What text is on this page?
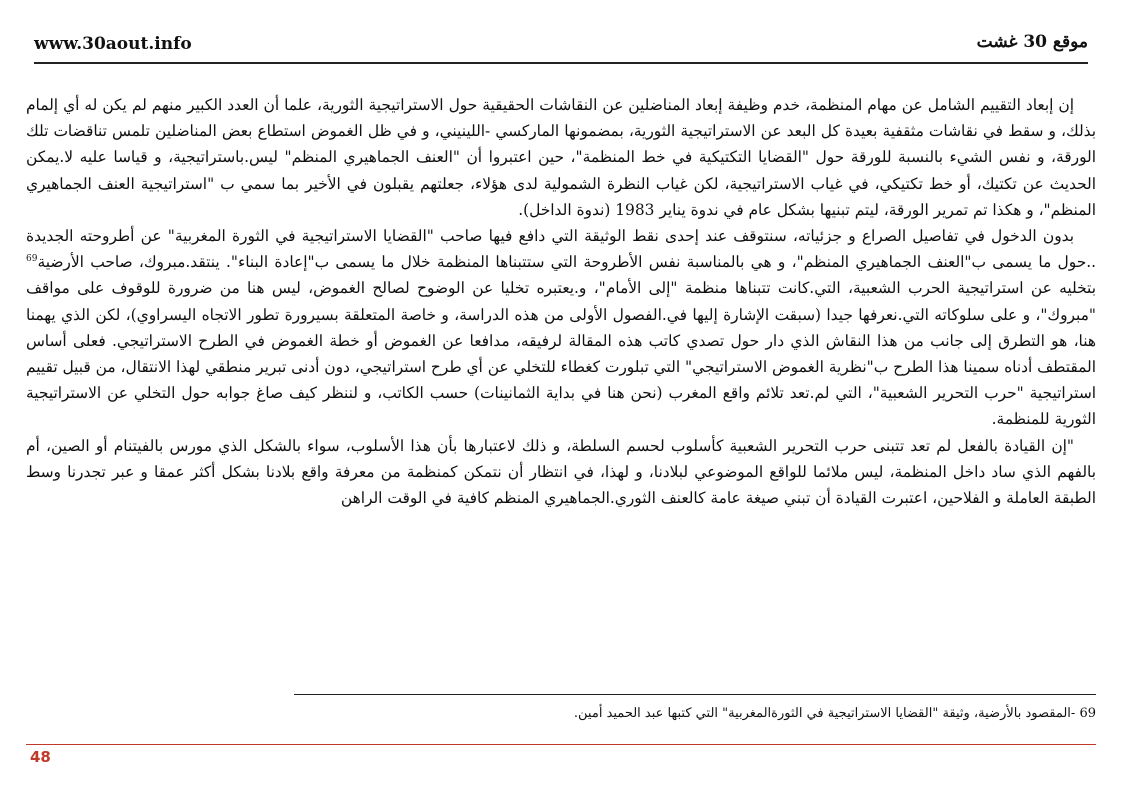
www.30aout.info	موقع 30 غشت

إن إبعاد التقييم الشامل عن مهام المنظمة، خدم وظيفة إبعاد المناضلين عن النقاشات الحقيقية حول الاستراتيجية الثورية، علما أن العدد الكبير منهم لم يكن له أي إلمام بذلك، و سقط في نقاشات مثقفية بعيدة كل البعد عن الاستراتيجية الثورية، بمضمونها الماركسي -اللينيني، و في ظل الغموض استطاع بعض المناضلين تلمس تناقضات تلك الورقة، و نفس الشيء بالنسبة للورقة حول "القضايا التكتيكية في خط المنظمة"، حين اعتبروا أن "العنف الجماهيري المنظم" ليس.باستراتيجية، و قياسا عليه لا.يمكن الحديث عن تكتيك، أو خط تكتيكي، في غياب الاستراتيجية، لكن غياب النظرة الشمولية لدى هؤلاء، جعلتهم يقبلون في الأخير بما سمي ب "استراتيجية العنف الجماهيري المنظم"، و هكذا تم تمرير الورقة، ليتم تبنيها بشكل عام في ندوة يناير 1983 (ندوة الداخل).

بدون الدخول في تفاصيل الصراع و جزئياته، سنتوقف عند إحدى نقط الوثيقة التي دافع فيها صاحب "القضايا الاستراتيجية في الثورة المغربية" عن أطروحته الجديدة ..حول ما يسمى ب"العنف الجماهيري المنظم"، و هي بالمناسبة نفس الأطروحة التي ستتبناها المنظمة خلال ما يسمى ب"إعادة البناء". ينتقد.مبروك، صاحب الأرضية$^{69}$ بتخليه عن استراتيجية الحرب الشعبية، التي.كانت تتبناها منظمة "إلى الأمام"، و.يعتبره تخليا عن الوضوح لصالح الغموض، ليس هنا من ضرورة للوقوف على مواقف "مبروك"، و على سلوكاته التي.نعرفها جيدا (سبقت الإشارة إليها في.الفصول الأولى من هذه الدراسة، و خاصة المتعلقة بسيرورة تطور الاتجاه اليسراوي)، لكن الذي يهمنا هنا، هو التطرق إلى جانب من هذا النقاش الذي دار حول تصدي كاتب هذه المقالة لرفيقه، مدافعا عن الغموض أو خطة الغموض في الطرح الاستراتيجي. فعلى أساس المقتطف أدناه سمينا هذا الطرح ب"نظرية الغموض الاستراتيجي" التي تبلورت كغطاء للتخلي عن أي طرح استراتيجي، دون أدنى تبرير منطقي لهذا الانتقال، من قبيل تقييم استراتيجية "حرب التحرير الشعبية"، التي لم.تعد تلائم واقع المغرب (نحن هنا في بداية الثمانينات) حسب الكاتب، و لننظر كيف صاغ جوابه حول التخلي عن الاستراتيجية الثورية للمنظمة.

"إن القيادة بالفعل لم تعد تتبنى حرب التحرير الشعبية كأسلوب لحسم السلطة، و ذلك لاعتبارها بأن هذا الأسلوب، سواء بالشكل الذي مورس بالفيتنام أو الصين، أم بالفهم الذي ساد داخل المنظمة، ليس ملائما للواقع الموضوعي لبلادنا، و لهذا، في انتظار أن نتمكن كمنظمة من معرفة واقع بلادنا بشكل أكثر عمقا و عبر تجدرنا وسط الطبقة العاملة و الفلاحين، اعتبرت القيادة أن تبني صيغة عامة كالعنف الثوري.الجماهيري المنظم كافية في الوقت الراهن

69 -المقصود بالأرضية، وثيقة "القضايا الاستراتيجية في الثورةالمغربية" التي كتبها عبد الحميد أمين.
48
